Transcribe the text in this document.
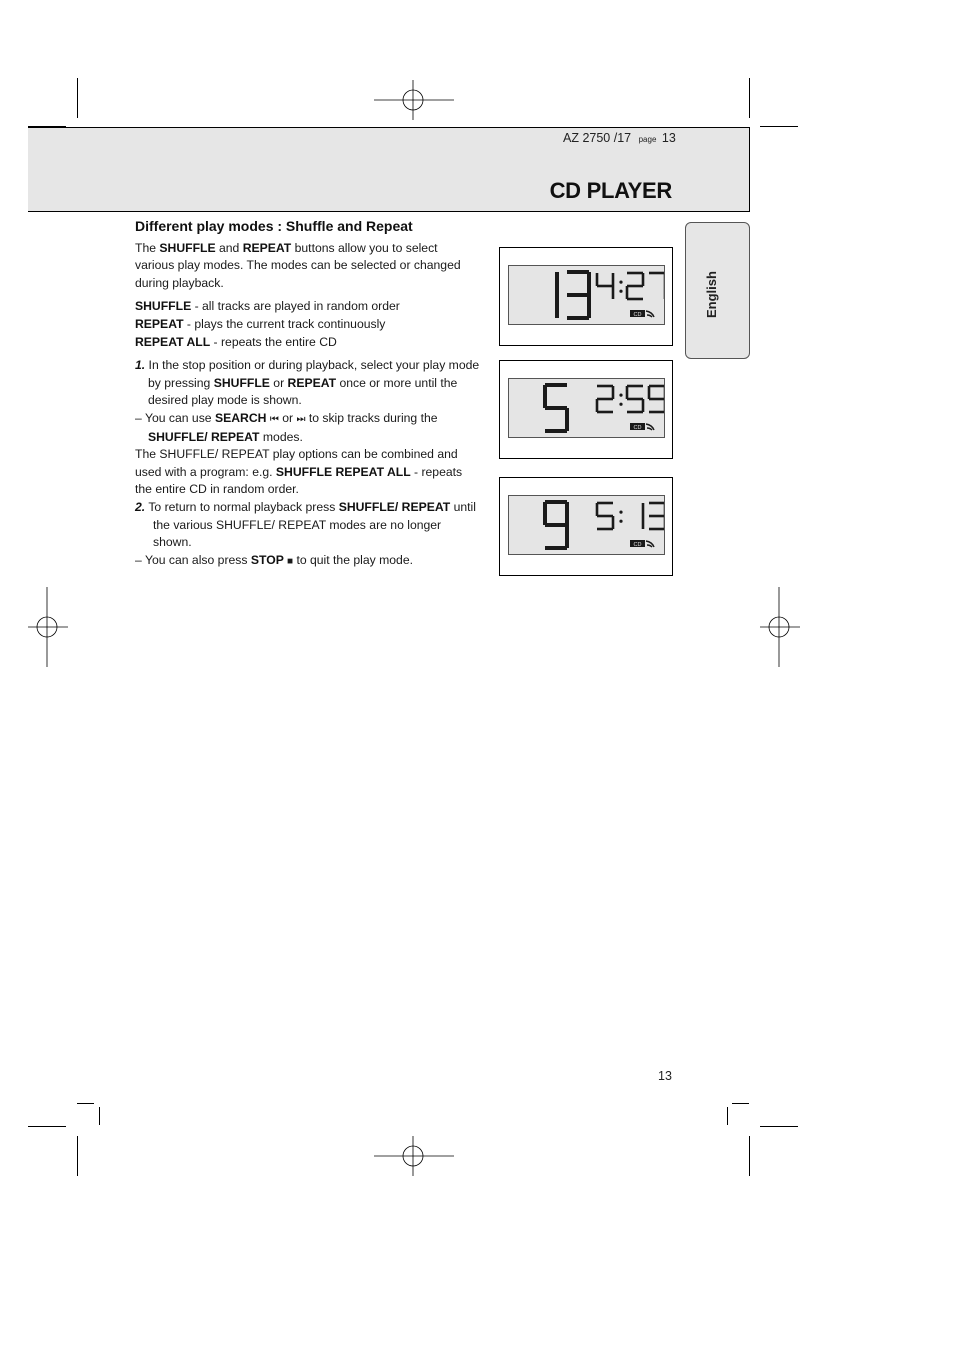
AZ 2750 /17 page 13
CD PLAYER
English

Different play modes : Shuffle and Repeat

The SHUFFLE and REPEAT buttons allow you to select various play modes. The modes can be selected or changed during playback.

SHUFFLE - all tracks are played in random order

REPEAT - plays the current track continuously

REPEAT ALL - repeats the entire CD

1. In the stop position or during playback, select your play mode by pressing SHUFFLE or REPEAT once or more until the desired play mode is shown.

– You can use SEARCH ⏮ or ⏭ to skip tracks during the SHUFFLE/ REPEAT modes.

The SHUFFLE/ REPEAT play options can be combined and used with a program: e.g. SHUFFLE REPEAT ALL - repeats the entire CD in random order.

2. To return to normal playback press SHUFFLE/ REPEAT until the various SHUFFLE/ REPEAT modes are no longer shown.

– You can also press STOP ■ to quit the play mode.

CD
CD
CD
13
